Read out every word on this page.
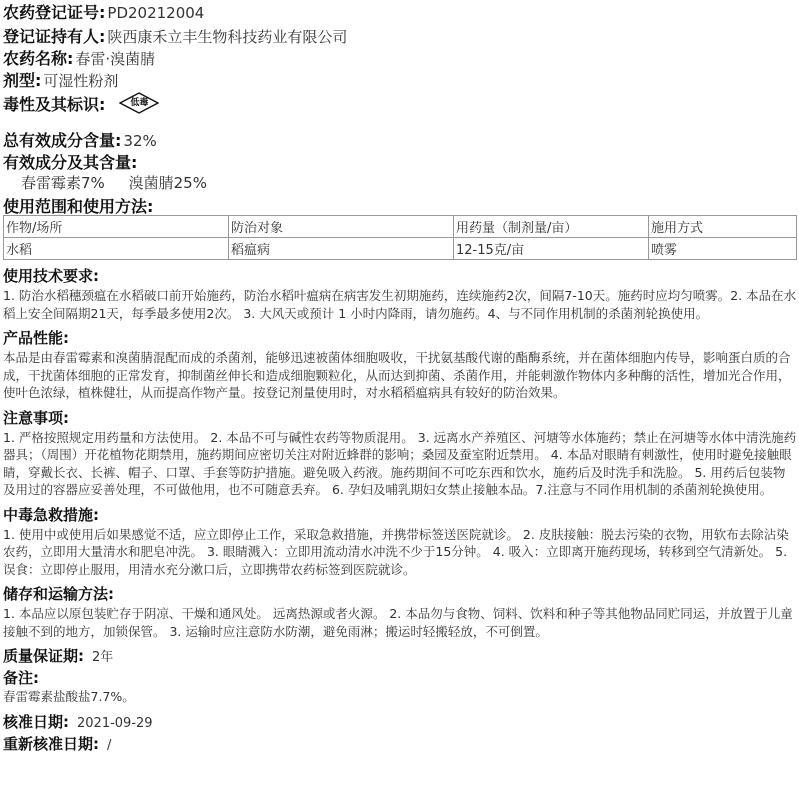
农药登记证号: PD20212004
登记证持有人: 陕西康禾立丰生物科技药业有限公司
农药名称: 春雷·溴菌腈
剂型: 可湿性粉剂
毒性及其标识:	低毒
总有效成分含量: 32%
有效成分及其含量:
春雷霉素7%     溴菌腈25%
使用范围和使用方法:
作物/场所	防治对象	用药量（制剂量/亩）	施用方式
水稻	稻瘟病	12-15克/亩	喷雾
使用技术要求:

1. 防治水稻穗颈瘟在水稻破口前开始施药，防治水稻叶瘟病在病害发生初期施药，连续施药2次，间隔7-10天。施药时应均匀喷雾。2. 本品在水稻上安全间隔期21天，每季最多使用2次。 3. 大风天或预计 1 小时内降雨，请勿施药。4、与不同作用机制的杀菌剂轮换使用。

产品性能:

本品是由春雷霉素和溴菌腈混配而成的杀菌剂，能够迅速被菌体细胞吸收，干扰氨基酸代谢的酯酶系统，并在菌体细胞内传导，影响蛋白质的合成，干扰菌体细胞的正常发育，抑制菌丝伸长和造成细胞颗粒化，从而达到抑菌、杀菌作用，并能刺激作物体内多种酶的活性，增加光合作用，使叶色浓绿，植株健壮，从而提高作物产量。按登记剂量使用时，对水稻稻瘟病具有较好的防治效果。

注意事项:

1. 严格按照规定用药量和方法使用。 2. 本品不可与碱性农药等物质混用。 3. 远离水产养殖区、河塘等水体施药；禁止在河塘等水体中清洗施药器具；（周围）开花植物花期禁用，施药期间应密切关注对附近蜂群的影响；桑园及蚕室附近禁用。 4. 本品对眼睛有刺激性，使用时避免接触眼睛，穿戴长衣、长裤、帽子、口罩、手套等防护措施。避免吸入药液。施药期间不可吃东西和饮水，施药后及时洗手和洗脸。 5. 用药后包装物及用过的容器应妥善处理，不可做他用，也不可随意丢弃。 6. 孕妇及哺乳期妇女禁止接触本品。7.注意与不同作用机制的杀菌剂轮换使用。

中毒急救措施:

1. 使用中或使用后如果感觉不适，应立即停止工作，采取急救措施，并携带标签送医院就诊。 2. 皮肤接触：脱去污染的衣物，用软布去除沾染农药，立即用大量清水和肥皂冲洗。 3. 眼睛溅入：立即用流动清水冲洗不少于15分钟。 4. 吸入：立即离开施药现场，转移到空气清新处。 5. 误食：立即停止服用，用清水充分漱口后，立即携带农药标签到医院就诊。

储存和运输方法:

1. 本品应以原包装贮存于阴凉、干燥和通风处。 远离热源或者火源。 2. 本品勿与食物、饲料、饮料和种子等其他物品同贮同运，并放置于儿童接触不到的地方，加锁保管。 3. 运输时应注意防水防潮，避免雨淋；搬运时轻搬轻放，不可倒置。

质量保证期: 2年
备注:

春雷霉素盐酸盐7.7%。

核准日期: 2021-09-29
重新核准日期: /
